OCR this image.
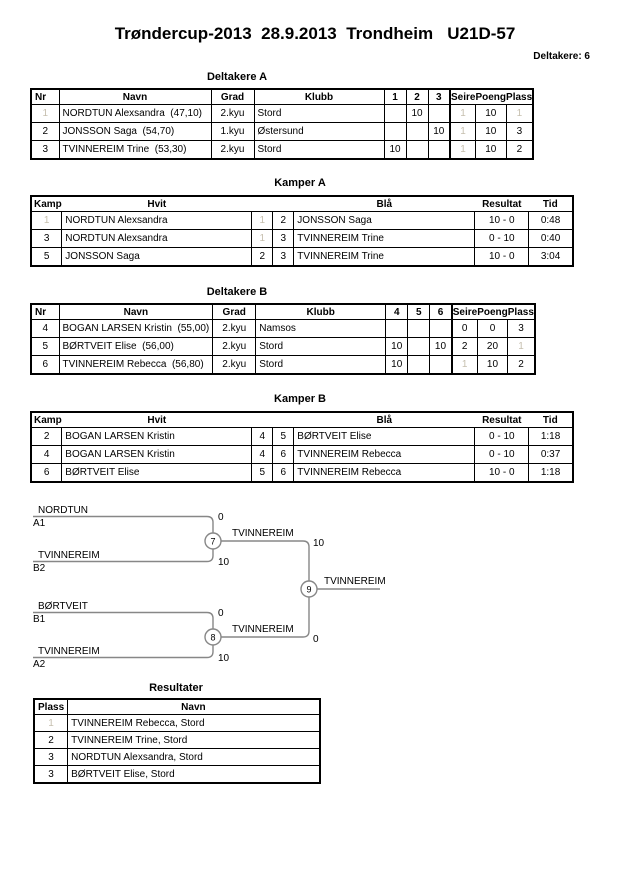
Trøndercup-2013  28.9.2013  Trondheim   U21D-57
Deltakere: 6
Deltakere A
Nr	Navn	Grad	Klubb	1	2	3	Seire	Poeng	Plass
1	NORDTUN Alexsandra  (47,10)	2.kyu	Stord		10		1	10	1
2	JONSSON Saga  (54,70)	1.kyu	Østersund			10	1	10	3
3	TVINNEREIM Trine  (53,30)	2.kyu	Stord	10			1	10	2
Kamper A
Kamp	Hvit			Blå	Resultat	Tid
1	NORDTUN Alexsandra	1	2	JONSSON Saga	10 - 0	0:48
3	NORDTUN Alexsandra	1	3	TVINNEREIM Trine	0 - 10	0:40
5	JONSSON Saga	2	3	TVINNEREIM Trine	10 - 0	3:04
Deltakere B
Nr	Navn	Grad	Klubb	4	5	6	Seire	Poeng	Plass
4	BOGAN LARSEN Kristin  (55,00)	2.kyu	Namsos				0	0	3
5	BØRTVEIT Elise  (56,00)	2.kyu	Stord	10		10	2	20	1
6	TVINNEREIM Rebecca  (56,80)	2.kyu	Stord	10			1	10	2
Kamper B
Kamp	Hvit			Blå	Resultat	Tid
2	BOGAN LARSEN Kristin	4	5	BØRTVEIT Elise	0 - 10	1:18
4	BOGAN LARSEN Kristin	4	6	TVINNEREIM Rebecca	0 - 10	0:37
6	BØRTVEIT Elise	5	6	TVINNEREIM Rebecca	10 - 0	1:18
NORDTUN
A1
0
TVINNEREIM
B2
10
BØRTVEIT
B1
0
TVINNEREIM
A2
10
7
TVINNEREIM
10
8
TVINNEREIM
0
9
TVINNEREIM
Resultater
Plass	Navn
1	TVINNEREIM Rebecca, Stord
2	TVINNEREIM Trine, Stord
3	NORDTUN Alexsandra, Stord
3	BØRTVEIT Elise, Stord
